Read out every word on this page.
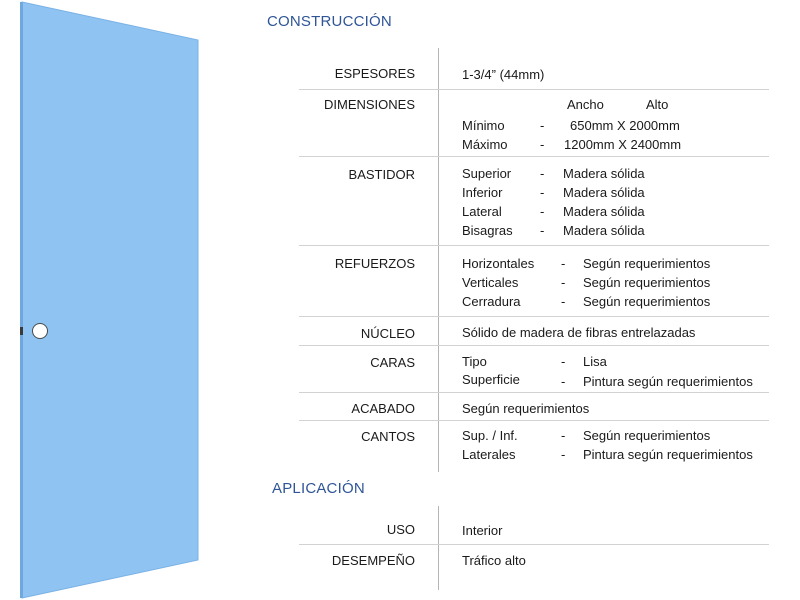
CONSTRUCCIÓN
APLICACIÓN
ESPESORES	1-3/4” (44mm)
DIMENSIONES	Ancho	Alto
Mínimo	- 650mm X 2000mm
Máximo - 1200mm X 2400mm
BASTIDOR	Superior - Madera sólida
Inferior	- Madera sólida
Lateral	- Madera sólida
Bisagras - Madera sólida
REFUERZOS	Horizontales - Según requerimientos
Verticales	- Según requerimientos
Cerradura	- Según requerimientos
NÚCLEO	Sólido de madera de fibras entrelazadas
CARAS	Tipo	- Lisa
Superficie	- Pintura según requerimientos
ACABADO	Según requerimientos
CANTOS	Sup. / Inf.	- Según requerimientos
Laterales	- Pintura según requerimientos
USO	Interior
DESEMPEÑO	Tráfico alto
